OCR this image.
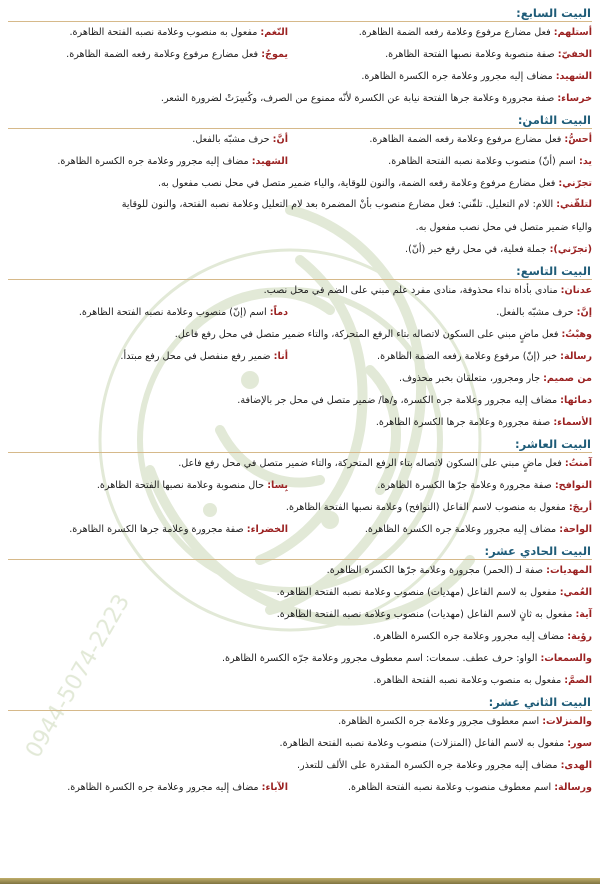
0944-5074-2223
البيت السابع:
أستلهم: فعل مضارع مرفوع وعلامة رفعه الضمة الظاهرة.
النّغم: مفعول به منصوب وعلامة نصبه الفتحة الظاهرة.
الخفيّ: صفة منصوبة وعلامة نصبها الفتحة الظاهرة.
يموجُ: فعل مضارع مرفوع وعلامة رفعه الضمة الظاهرة.
الشهيد: مضاف إليه مجرور وعلامة جره الكسرة الظاهرة.
خرساء: صفة مجرورة وعلامة جرها الفتحة نيابة عن الكسرة لأنّه ممنوع من الصرف، وكُسِرَتْ لضرورة الشعر.
البيت الثامن:
أحسُّ: فعل مضارع مرفوع وعلامة رفعه الضمة الظاهرة.
أنَّ: حرف مشبّه بالفعل.
يد: اسم (أنّ) منصوب وعلامة نصبه الفتحة الظاهرة.
الشهيد: مضاف إليه مجرور وعلامة جره الكسرة الظاهرة.
تجرّني: فعل مضارع مرفوع وعلامة رفعه الضمة، والنون للوقاية، والياء ضمير متصل في محل نصب مفعول به.
لتلقّني: اللام: لام التعليل. تلقّني: فعل مضارع منصوب بأنْ المضمرة بعد لام التعليل وعلامة نصبه الفتحة، والنون للوقاية
والياء ضمير متصل في محل نصب مفعول به.
(تجرّني): جملة فعلية، في محل رفع خبر (أنّ).
البيت التاسع:
عدنان: منادى بأداة نداء محذوفة، منادى مفرد علم مبني على الضم في محل نصب.
إنَّ: حرف مشبّه بالفعل.
دماً: اسم (إنّ) منصوب وعلامة نصبه الفتحة الظاهرة.
وهبْتُ: فعل ماضٍ مبني على السكون لاتصاله بتاء الرفع المتحركة، والتاء ضمير متصل في محل رفع فاعل.
رسالة: خبر (إنّ) مرفوع وعلامة رفعه الضمة الظاهرة.
أنا: ضمير رفع منفصل في محل رفع مبتدأ.
من صميم: جار ومجرور، متعلقان بخبر محذوف.
دمائها: مضاف إليه مجرور وعلامة جره الكسرة، و/ها/ ضمير متصل في محل جر بالإضافة.
الأسماء: صفة مجرورة وعلامة جرها الكسرة الظاهرة.
البيت العاشر:
آمنتُ: فعل ماضٍ مبني على السكون لاتصاله بتاء الرفع المتحركة، والتاء ضمير متصل في محل رفع فاعل.
النوافح: صفة مجرورة وعلامة جرّها الكسرة الظاهرة.
بِسا: حال منصوبة وعلامة نصبها الفتحة الظاهرة.
أريجَ: مفعول به منصوب لاسم الفاعل (النوافح) وعلامة نصبها الفتحة الظاهرة.
الواحة: مضاف إليه مجرور وعلامة جره الكسرة الظاهرة.
الخضراء: صفة مجرورة وعلامة جرها الكسرة الظاهرة.
البيت الحادي عشر:
المهديات: صفة لـ (الحمر) مجرورة وعلامة جرّها الكسرة الظاهرة.
العُمي: مفعول به لاسم الفاعل (مهديات) منصوب وعلامة نصبه الفتحة الظاهرة.
آية: مفعول به ثانٍ لاسم الفاعل (مهديات) منصوب وعلامة نصبه الفتحة الظاهرة.
رؤية: مضاف إليه مجرور وعلامة جره الكسرة الظاهرة.
والسمعات: الواو: حرف عطف. سمعات: اسم معطوف مجرور وعلامة جرّه الكسرة الظاهرة.
الصمَّ: مفعول به منصوب وعلامة نصبه الفتحة الظاهرة.
البيت الثاني عشر:
والمنزلات: اسم معطوف مجرور وعلامة جره الكسرة الظاهرة.
سور: مفعول به لاسم الفاعل (المنزلات) منصوب وعلامة نصبه الفتحة الظاهرة.
الهدى: مضاف إليه مجرور وعلامة جره الكسرة المقدرة على الألف للتعذر.
ورسالة: اسم معطوف منصوب وعلامة نصبه الفتحة الظاهرة.
الآباء: مضاف إليه مجرور وعلامة جره الكسرة الظاهرة.
